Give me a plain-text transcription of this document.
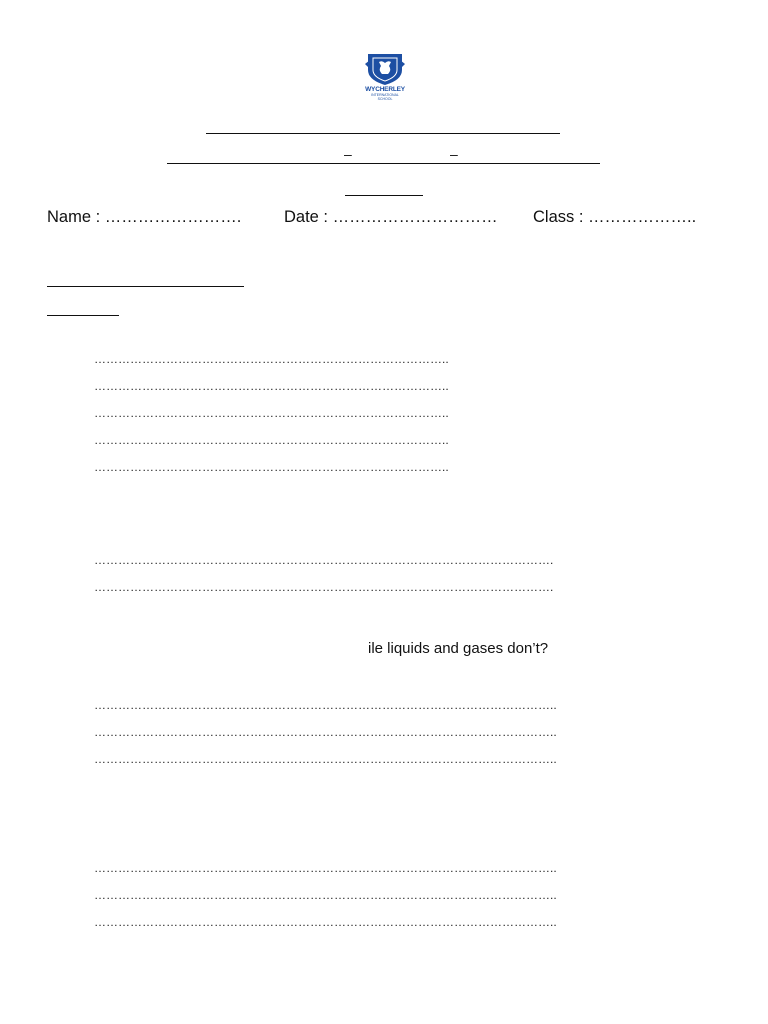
WYCHERLEY
INTERNATIONAL SCHOOL
–	–
Name : …………………….	Date : ………………………… Class : ………………..
……………………………………………………………………………..
……………………………………………………………………………..
……………………………………………………………………………..
……………………………………………………………………………..
……………………………………………………………………………..
…………………………………………………………………………………………………….
…………………………………………………………………………………………………….
ile liquids and gases don’t?
……………………………………………………………………………………………………..
……………………………………………………………………………………………………..
……………………………………………………………………………………………………..
……………………………………………………………………………………………………..
……………………………………………………………………………………………………..
……………………………………………………………………………………………………..
